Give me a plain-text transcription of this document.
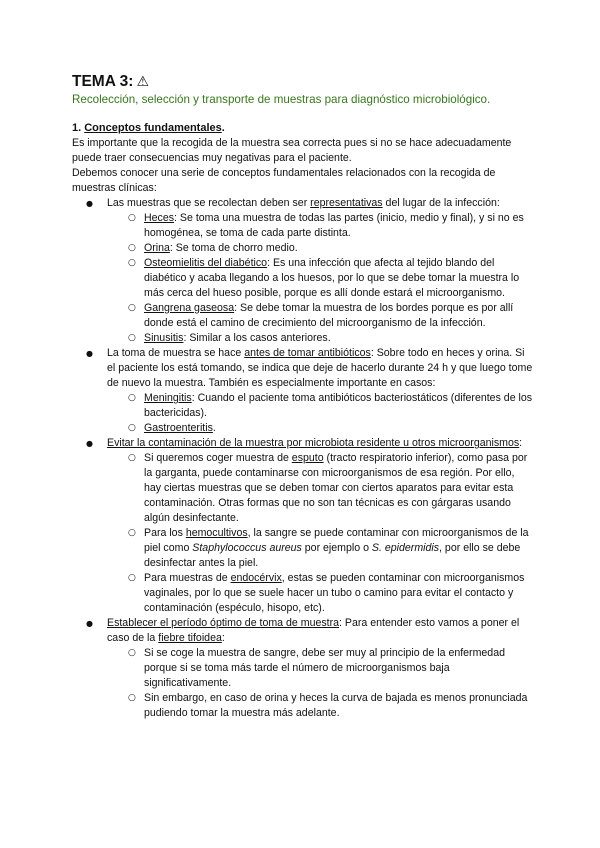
TEMA 3: ⚠
Recolección, selección y transporte de muestras para diagnóstico microbiológico.

1. Conceptos fundamentales.

Es importante que la recogida de la muestra sea correcta pues si no se hace adecuadamente puede traer consecuencias muy negativas para el paciente.

Debemos conocer una serie de conceptos fundamentales relacionados con la recogida de muestras clínicas:

● Las muestras que se recolectan deben ser representativas del lugar de la infección:
○ Heces: Se toma una muestra de todas las partes (inicio, medio y final), y si no es homogénea, se toma de cada parte distinta.
○ Orina: Se toma de chorro medio.
○ Osteomielitis del diabético: Es una infección que afecta al tejido blando del diabético y acaba llegando a los huesos, por lo que se debe tomar la muestra lo más cerca del hueso posible, porque es allí donde estará el microorganismo.
○ Gangrena gaseosa: Se debe tomar la muestra de los bordes porque es por allí donde está el camino de crecimiento del microorganismo de la infección.
○ Sinusitis: Similar a los casos anteriores.
● La toma de muestra se hace antes de tomar antibióticos: Sobre todo en heces y orina. Si el paciente los está tomando, se indica que deje de hacerlo durante 24 h y que luego tome de nuevo la muestra. También es especialmente importante en casos:
○ Meningitis: Cuando el paciente toma antibióticos bacteriostáticos (diferentes de los bactericidas).
○ Gastroenteritis.
● Evitar la contaminación de la muestra por microbiota residente u otros microorganismos:
○ Si queremos coger muestra de esputo (tracto respiratorio inferior), como pasa por la garganta, puede contaminarse con microorganismos de esa región. Por ello, hay ciertas muestras que se deben tomar con ciertos aparatos para evitar esta contaminación. Otras formas que no son tan técnicas es con gárgaras usando algún desinfectante.
○ Para los hemocultivos, la sangre se puede contaminar con microorganismos de la piel como Staphylococcus aureus por ejemplo o S. epidermidis, por ello se debe desinfectar antes la piel.
○ Para muestras de endocérvix, estas se pueden contaminar con microorganismos vaginales, por lo que se suele hacer un tubo o camino para evitar el contacto y contaminación (espéculo, hisopo, etc).
● Establecer el período óptimo de toma de muestra: Para entender esto vamos a poner el caso de la fiebre tifoidea:
○ Si se coge la muestra de sangre, debe ser muy al principio de la enfermedad porque si se toma más tarde el número de microorganismos baja significativamente.
○ Sin embargo, en caso de orina y heces la curva de bajada es menos pronunciada pudiendo tomar la muestra más adelante.
